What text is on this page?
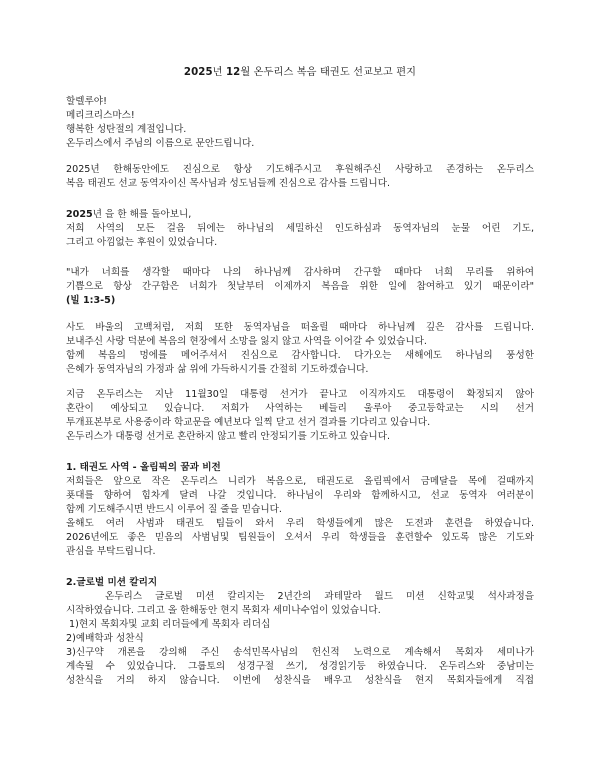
2025년 12월 온두리스 복음 태권도 선교보고 편지
할렐루야!
메리크리스마스!
행복한 성탄절의 계절입니다.
온두리스에서 주님의 이름으로 문안드립니다.
2025년 한해동안에도 진심으로 항상 기도해주시고 후원해주신 사랑하고 존경하는 온두리스
복음 태권도 선교 동역자이신 목사님과 성도님들께 진심으로 감사를 드립니다.
2025년 을 한 해를 돌아보니,
저희 사역의 모든 걸음 뒤에는 하나님의 세밀하신 인도하심과 동역자님의 눈물 어린 기도,
그리고 아낌없는 후원이 있었습니다.
"내가 너희를 생각할 때마다 나의 하나님께 감사하며 간구할 때마다 너희 무리를 위하여
기쁨으로 항상 간구함은 너희가 첫날부터 이제까지 복음을 위한 일에 참여하고 있기 때문이라"
(빌 1:3-5)
사도 바울의 고백처럼, 저희 또한 동역자님을 떠올릴 때마다 하나님께 깊은 감사를 드립니다.
보내주신 사랑 덕분에 복음의 현장에서 소망을 잃지 않고 사역을 이어갈 수 있었습니다.
함께 복음의 멍에를 메어주셔서 진심으로 감사합니다. 다가오는 새해에도 하나님의 풍성한
은혜가 동역자님의 가정과 삶 위에 가득하시기를 간절히 기도하겠습니다.
지금 온두리스는 지난 11월30일 대통령 선거가 끝나고 이직까지도 대통령이 확정되지 않아
혼란이 예상되고 있습니다. 저희가 사역하는 베들리 울루아 중고등학교는 시의 선거
투개표본부로 사용중이라 학교문을 예년보다 일찍 닫고 선거 결과를 기다리고 있습니다.
온두리스가 대통령 선거로 혼란하지 않고 빨리 안정되기를 기도하고 있습니다.
1. 태권도 사역 - 올림픽의 꿈과 비전
저희들은 앞으로 작은 온두리스 니리가 복음으로, 태권도로 올림픽에서 금메달을 목에 걸때까지
푯대를 향하여 힘차게 달려 나갈 것입니다. 하나님이 우리와 함께하시고, 선교 동역자 여러분이
함께 기도해주시면 반드시 이루어 질 줄을 믿습니다.
올해도 여러 사범과 태권도 팀들이 와서 우리 학생들에게 많은 도전과 훈련을 하였습니다.
2026년에도 좋은 믿음의 사범님및 팀원들이 오셔서 우리 학생들을 훈련할수 있도록 많은 기도와
관심을 부탁드립니다.
2.글로벌 미션 칼리지
온두리스 글로벌 미션 칼리지는 2년간의 과테말라 월드 미션 신학교및 석사과정을
시작하였습니다. 그리고 올 한해동안 현지 목회자 세미나수업이 있었습니다.
1)현지 목회자및 교회 리더들에게 목회자 리더십
2)예배학과 성찬식
3)신구약 개론을 강의해 주신 송석민목사님의 헌신적 노력으로 계속해서 목회자 세미나가
계속될 수 있었습니다. 그룹토의 성경구절 쓰기, 성경읽기등 하였습니다. 온두리스와 중남미는
성찬식을 거의 하지 않습니다. 이번에 성찬식을 배우고 성찬식을 현지 목회자들에게 직접
